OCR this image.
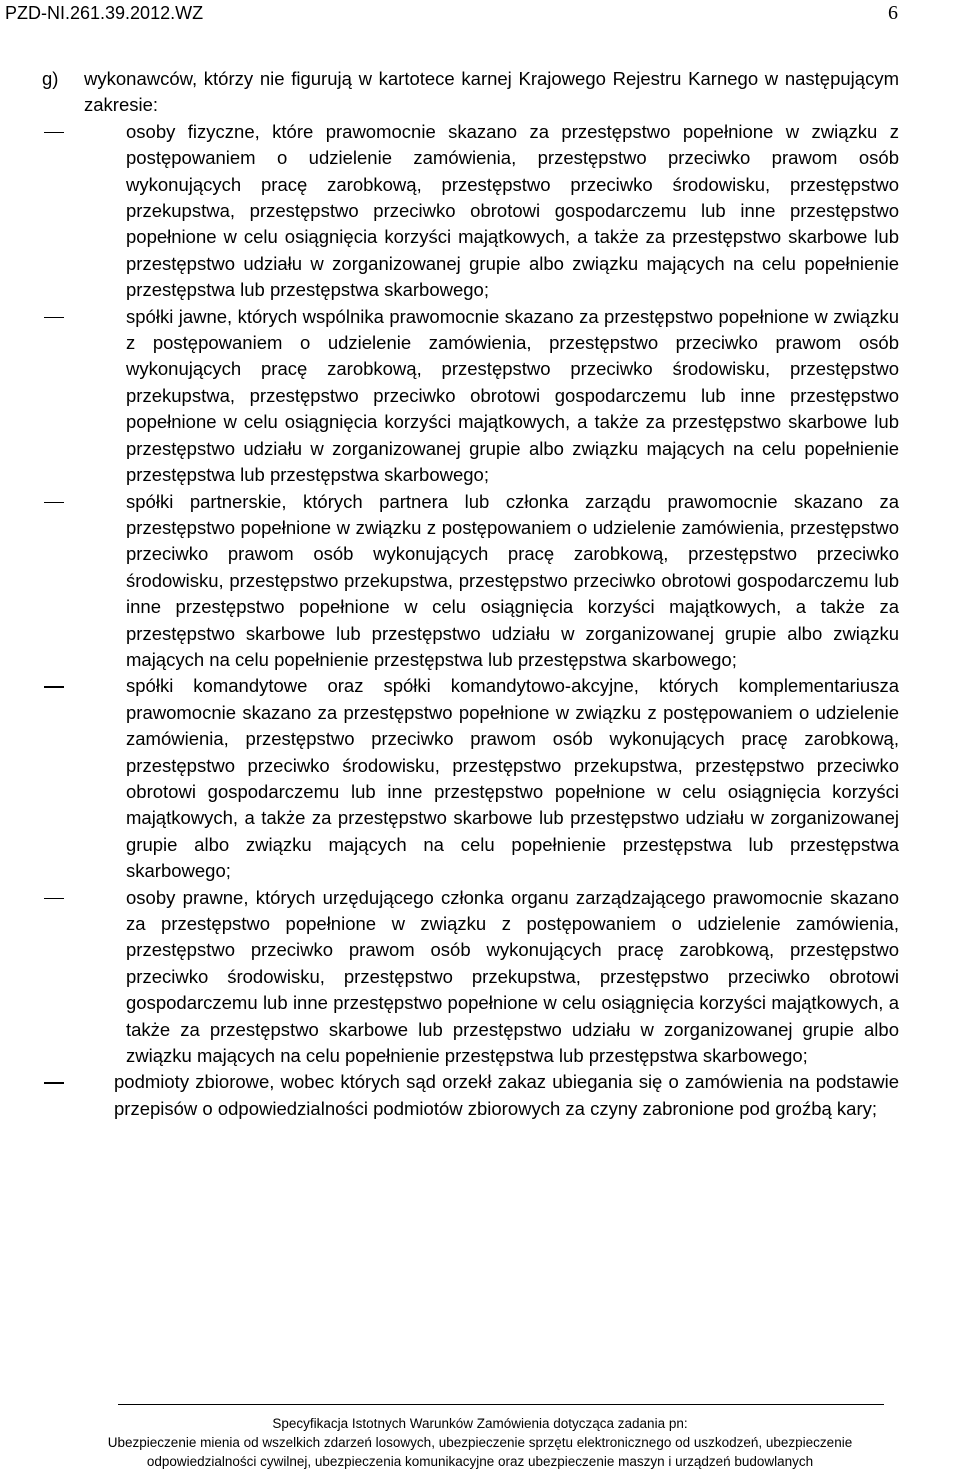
PZD-NI.261.39.2012.WZ	6
g)	wykonawców, którzy nie figurują w kartotece karnej Krajowego Rejestru Karnego w następującym zakresie:
osoby fizyczne, które prawomocnie skazano za przestępstwo popełnione w związku z postępowaniem o udzielenie zamówienia, przestępstwo przeciwko prawom osób wykonujących pracę zarobkową, przestępstwo przeciwko środowisku, przestępstwo przekupstwa, przestępstwo przeciwko obrotowi gospodarczemu lub inne przestępstwo popełnione w celu osiągnięcia korzyści majątkowych, a także za przestępstwo skarbowe lub przestępstwo udziału w zorganizowanej grupie albo związku mających na celu popełnienie przestępstwa lub przestępstwa skarbowego;
spółki jawne, których wspólnika prawomocnie skazano za przestępstwo popełnione w związku z postępowaniem o udzielenie zamówienia, przestępstwo przeciwko prawom osób wykonujących pracę zarobkową, przestępstwo przeciwko środowisku, przestępstwo przekupstwa, przestępstwo przeciwko obrotowi gospodarczemu lub inne przestępstwo popełnione w celu osiągnięcia korzyści majątkowych, a także za przestępstwo skarbowe lub przestępstwo udziału w zorganizowanej grupie albo związku mających na celu popełnienie przestępstwa lub przestępstwa skarbowego;
spółki partnerskie, których partnera lub członka zarządu prawomocnie skazano za przestępstwo popełnione w związku z postępowaniem o udzielenie zamówienia, przestępstwo przeciwko prawom osób wykonujących pracę zarobkową, przestępstwo przeciwko środowisku, przestępstwo przekupstwa, przestępstwo przeciwko obrotowi gospodarczemu lub inne przestępstwo popełnione w celu osiągnięcia korzyści majątkowych, a także za przestępstwo skarbowe lub przestępstwo udziału w zorganizowanej grupie albo związku mających na celu popełnienie przestępstwa lub przestępstwa skarbowego;
spółki komandytowe oraz spółki komandytowo-akcyjne, których komplementariusza prawomocnie skazano za przestępstwo popełnione w związku z postępowaniem o udzielenie zamówienia, przestępstwo przeciwko prawom osób wykonujących pracę zarobkową, przestępstwo przeciwko środowisku, przestępstwo przekupstwa, przestępstwo przeciwko obrotowi gospodarczemu lub inne przestępstwo popełnione w celu osiągnięcia korzyści majątkowych, a także za przestępstwo skarbowe lub przestępstwo udziału w zorganizowanej grupie albo związku mających na celu popełnienie przestępstwa lub przestępstwa skarbowego;
osoby prawne, których urzędującego członka organu zarządzającego prawomocnie skazano za przestępstwo popełnione w związku z postępowaniem o udzielenie zamówienia, przestępstwo przeciwko prawom osób wykonujących pracę zarobkową, przestępstwo przeciwko środowisku, przestępstwo przekupstwa, przestępstwo przeciwko obrotowi gospodarczemu lub inne przestępstwo popełnione w celu osiągnięcia korzyści majątkowych, a także za przestępstwo skarbowe lub przestępstwo udziału w zorganizowanej grupie albo związku mających na celu popełnienie przestępstwa lub przestępstwa skarbowego;
podmioty zbiorowe, wobec których sąd orzekł zakaz ubiegania się o zamówienia na podstawie przepisów o odpowiedzialności podmiotów zbiorowych za czyny zabronione pod groźbą kary;
Specyfikacja Istotnych Warunków Zamówienia dotycząca zadania pn:
Ubezpieczenie mienia od wszelkich zdarzeń losowych, ubezpieczenie sprzętu elektronicznego od uszkodzeń, ubezpieczenie
odpowiedzialności cywilnej, ubezpieczenia komunikacyjne oraz ubezpieczenie maszyn i urządzeń budowlanych
